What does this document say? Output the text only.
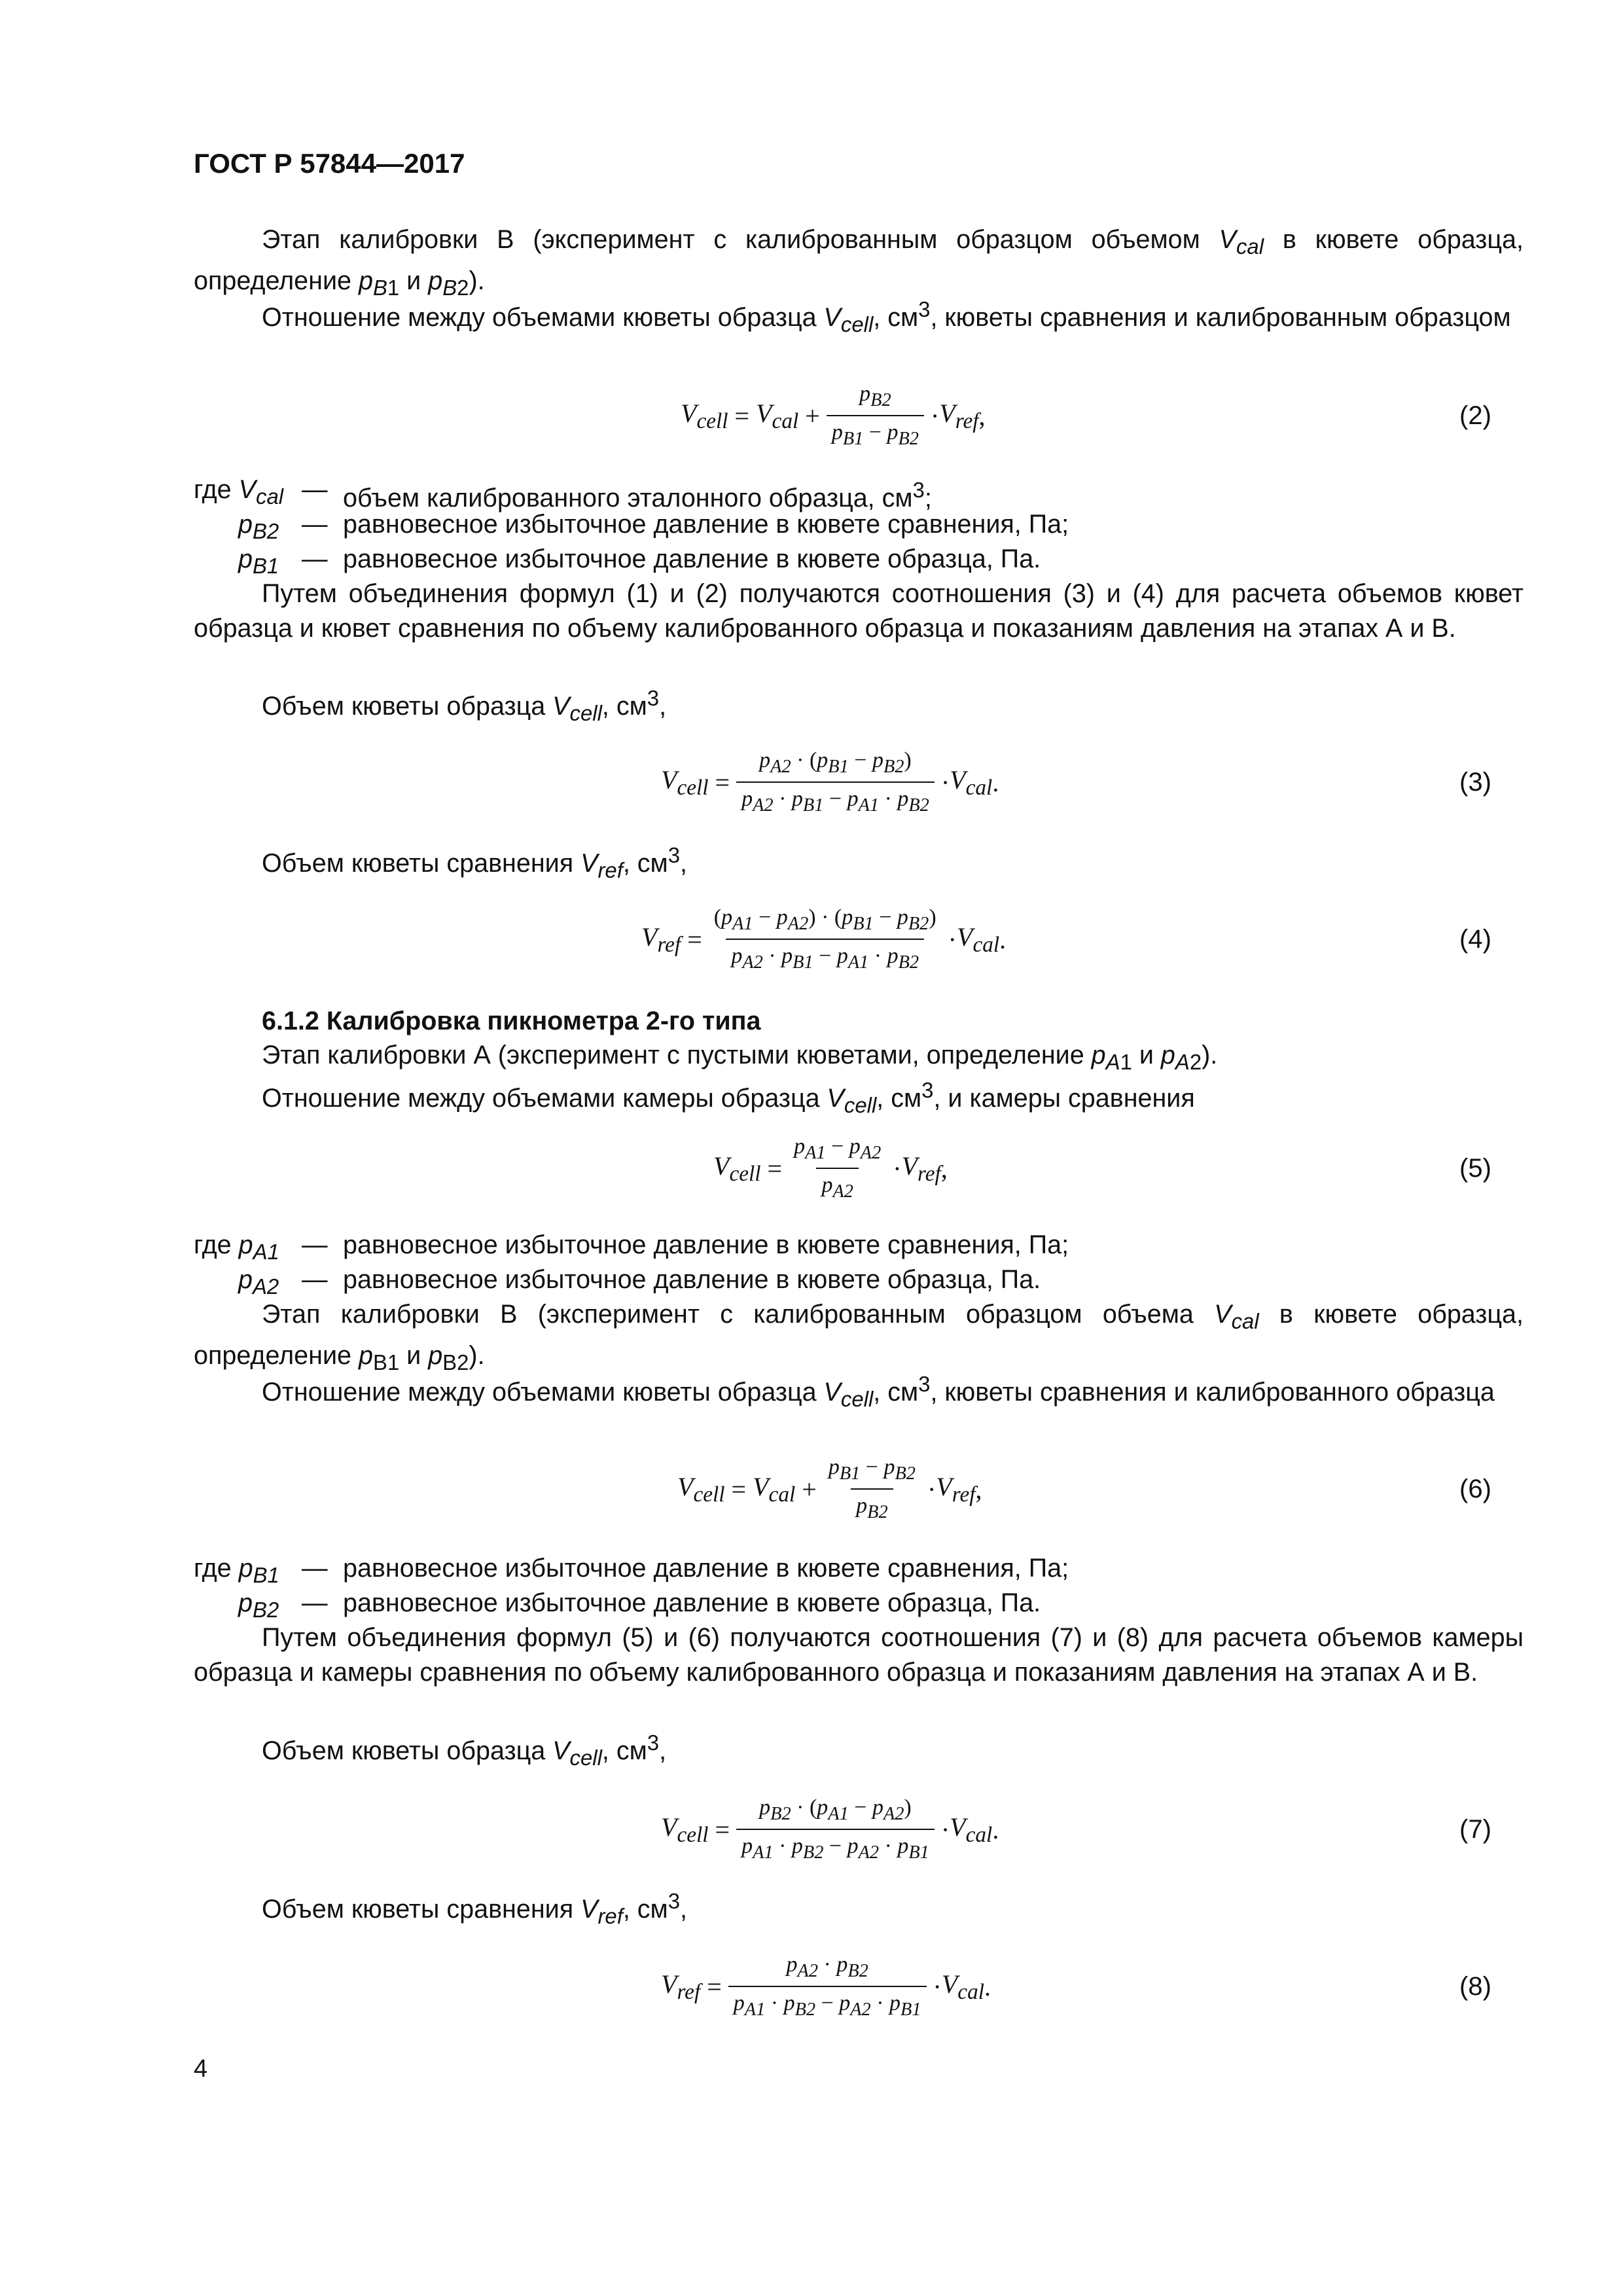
ГОСТ Р 57844—2017

Этап калибровки B (эксперимент с калиброванным образцом объемом $V_{cal}$ в кювете образца, определение $p_{B1}$ и $p_{B2}$).

Отношение между объемами кюветы образца $V_{cell}$, $см^3$, кюветы сравнения и калиброванным образцом

$V_{cell} = V_{cal} + \frac{p_{B2}}{p_{B1} - p_{B2}} \cdot V_{ref}$ ,	(2)
где $V_{cal}$ — объем калиброванного эталонного образца, $см^3$;
$p_{B2}$ — равновесное избыточное давление в кювете сравнения, Па;
$p_{B1}$ — равновесное избыточное давление в кювете образца, Па.

Путем объединения формул (1) и (2) получаются соотношения (3) и (4) для расчета объемов кювет образца и кювет сравнения по объему калиброванного образца и показаниям давления на этапах А и В.

Объем кюветы образца $V_{cell}$, $см^3$,

$V_{cell} = \frac{p_{A2} \cdot (p_{B1} - p_{B2})}{p_{A2} \cdot p_{B1} - p_{A1} \cdot p_{B2}} \cdot V_{cal}$ .	(3)

Объем кюветы сравнения $V_{ref}$, $см^3$,

$V_{ref} = \frac{(p_{A1} - p_{A2}) \cdot (p_{B1} - p_{B2})}{p_{A2} \cdot p_{B1} - p_{A1} \cdot p_{B2}} \cdot V_{cal}$ .	(4)
6.1.2 Калибровка пикнометра 2-го типа

Этап калибровки А (эксперимент с пустыми кюветами, определение $p_{A1}$ и $p_{A2}$).

Отношение между объемами камеры образца $V_{cell}$, $см^3$, и камеры сравнения

$V_{cell} = \frac{p_{A1} - p_{A2}}{p_{A2}} \cdot V_{ref}$ ,	(5)
где $p_{A1}$ — равновесное избыточное давление в кювете сравнения, Па;
$p_{A2}$ — равновесное избыточное давление в кювете образца, Па.

Этап калибровки В (эксперимент с калиброванным образцом объема $V_{cal}$ в кювете образца, определение $p_{B1}$ и $p_{B2}$).

Отношение между объемами кюветы образца $V_{cell}$, $см^3$, кюветы сравнения и калиброванного образца

$V_{cell} = V_{cal} + \frac{p_{B1} - p_{B2}}{p_{B2}} \cdot V_{ref}$ ,	(6)
где $p_{B1}$ — равновесное избыточное давление в кювете сравнения, Па;
$p_{B2}$ — равновесное избыточное давление в кювете образца, Па.

Путем объединения формул (5) и (6) получаются соотношения (7) и (8) для расчета объемов камеры образца и камеры сравнения по объему калиброванного образца и показаниям давления на этапах А и В.

Объем кюветы образца $V_{cell}$, $см^3$,

$V_{cell} = \frac{p_{B2} \cdot (p_{A1} - p_{A2})}{p_{A1} \cdot p_{B2} - p_{A2} \cdot p_{B1}} \cdot V_{cal}$ .	(7)

Объем кюветы сравнения $V_{ref}$, $см^3$,

$V_{ref} = \frac{p_{A2} \cdot p_{B2}}{p_{A1} \cdot p_{B2} - p_{A2} \cdot p_{B1}} \cdot V_{cal}$ .	(8)
4
